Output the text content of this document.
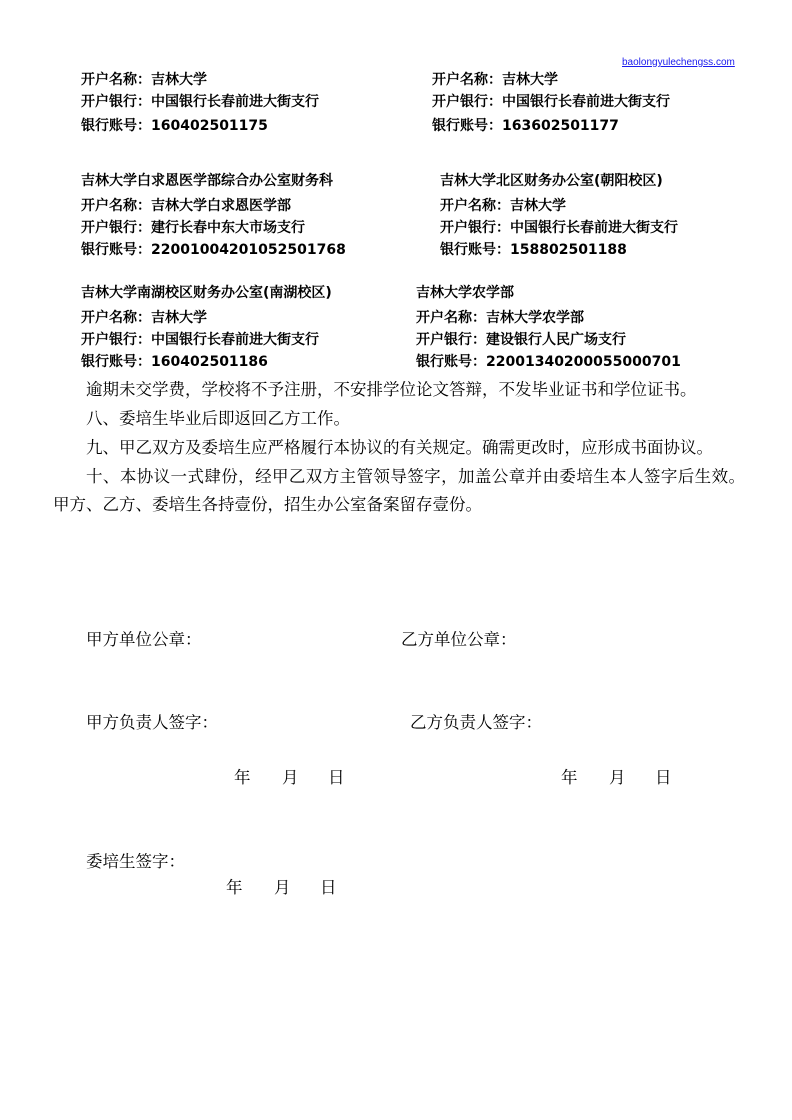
baolongyulechengss.com
开户名称：吉林大学
开户银行：中国银行长春前进大街支行
银行账号：160402501175
开户名称：吉林大学
开户银行：中国银行长春前进大街支行
银行账号：163602501177
吉林大学白求恩医学部综合办公室财务科
开户名称：吉林大学白求恩医学部
开户银行：建行长春中东大市场支行
银行账号：22001004201052501768
吉林大学北区财务办公室(朝阳校区)
开户名称：吉林大学
开户银行：中国银行长春前进大街支行
银行账号：158802501188
吉林大学南湖校区财务办公室(南湖校区)
开户名称：吉林大学
开户银行：中国银行长春前进大街支行
银行账号：160402501186
吉林大学农学部
开户名称：吉林大学农学部
开户银行：建设银行人民广场支行
银行账号：22001340200055000701

逾期未交学费，学校将不予注册，不安排学位论文答辩，不发毕业证书和学位证书。

八、委培生毕业后即返回乙方工作。

九、甲乙双方及委培生应严格履行本协议的有关规定。确需更改时，应形成书面协议。

十、本协议一式肆份，经甲乙双方主管领导签字，加盖公章并由委培生本人签字后生效。甲方、乙方、委培生各持壹份，招生办公室备案留存壹份。

甲方单位公章：	乙方单位公章：
甲方负责人签字：	乙方负责人签字：
年 月 日	年 月 日
委培生签字：
年 月 日
